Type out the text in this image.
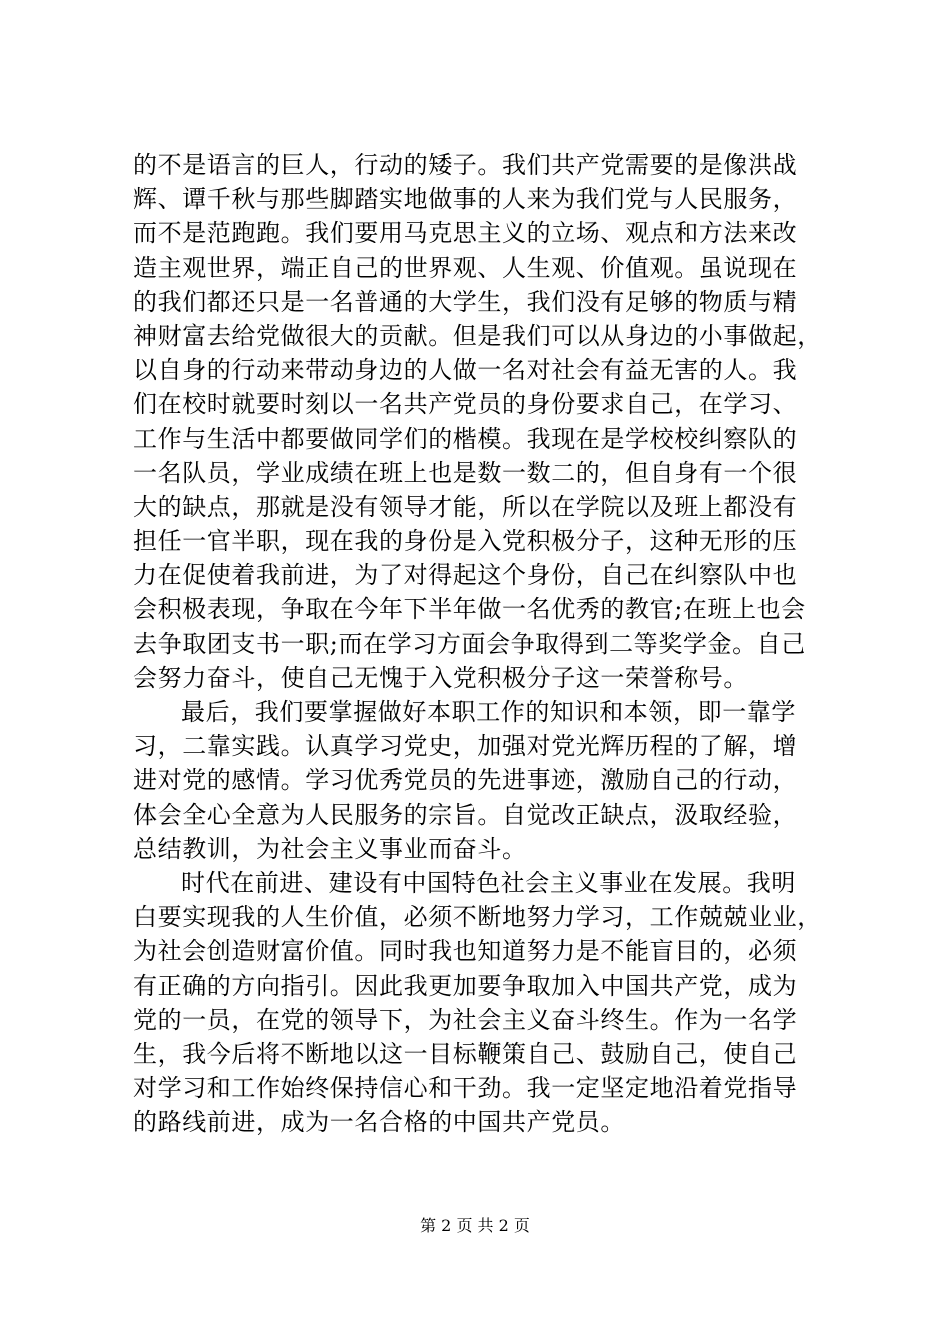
的不是语言的巨人，行动的矮子。我们共产党需要的是像洪战
辉、谭千秋与那些脚踏实地做事的人来为我们党与人民服务，
而不是范跑跑。我们要用马克思主义的立场、观点和方法来改
造主观世界，端正自己的世界观、人生观、价值观。虽说现在
的我们都还只是一名普通的大学生，我们没有足够的物质与精
神财富去给党做很大的贡献。但是我们可以从身边的小事做起，
以自身的行动来带动身边的人做一名对社会有益无害的人。我
们在校时就要时刻以一名共产党员的身份要求自己，在学习、
工作与生活中都要做同学们的楷模。我现在是学校校纠察队的
一名队员，学业成绩在班上也是数一数二的，但自身有一个很
大的缺点，那就是没有领导才能，所以在学院以及班上都没有
担任一官半职，现在我的身份是入党积极分子，这种无形的压
力在促使着我前进，为了对得起这个身份，自己在纠察队中也
会积极表现，争取在今年下半年做一名优秀的教官;在班上也会
去争取团支书一职;而在学习方面会争取得到二等奖学金。自己
会努力奋斗，使自己无愧于入党积极分子这一荣誉称号。
最后，我们要掌握做好本职工作的知识和本领，即一靠学
习，二靠实践。认真学习党史，加强对党光辉历程的了解，增
进对党的感情。学习优秀党员的先进事迹，激励自己的行动，
体会全心全意为人民服务的宗旨。自觉改正缺点，汲取经验，
总结教训，为社会主义事业而奋斗。
时代在前进、建设有中国特色社会主义事业在发展。我明
白要实现我的人生价值，必须不断地努力学习，工作兢兢业业，
为社会创造财富价值。同时我也知道努力是不能盲目的，必须
有正确的方向指引。因此我更加要争取加入中国共产党，成为
党的一员，在党的领导下，为社会主义奋斗终生。作为一名学
生，我今后将不断地以这一目标鞭策自己、鼓励自己，使自己
对学习和工作始终保持信心和干劲。我一定坚定地沿着党指导
的路线前进，成为一名合格的中国共产党员。
第 2 页 共 2 页
